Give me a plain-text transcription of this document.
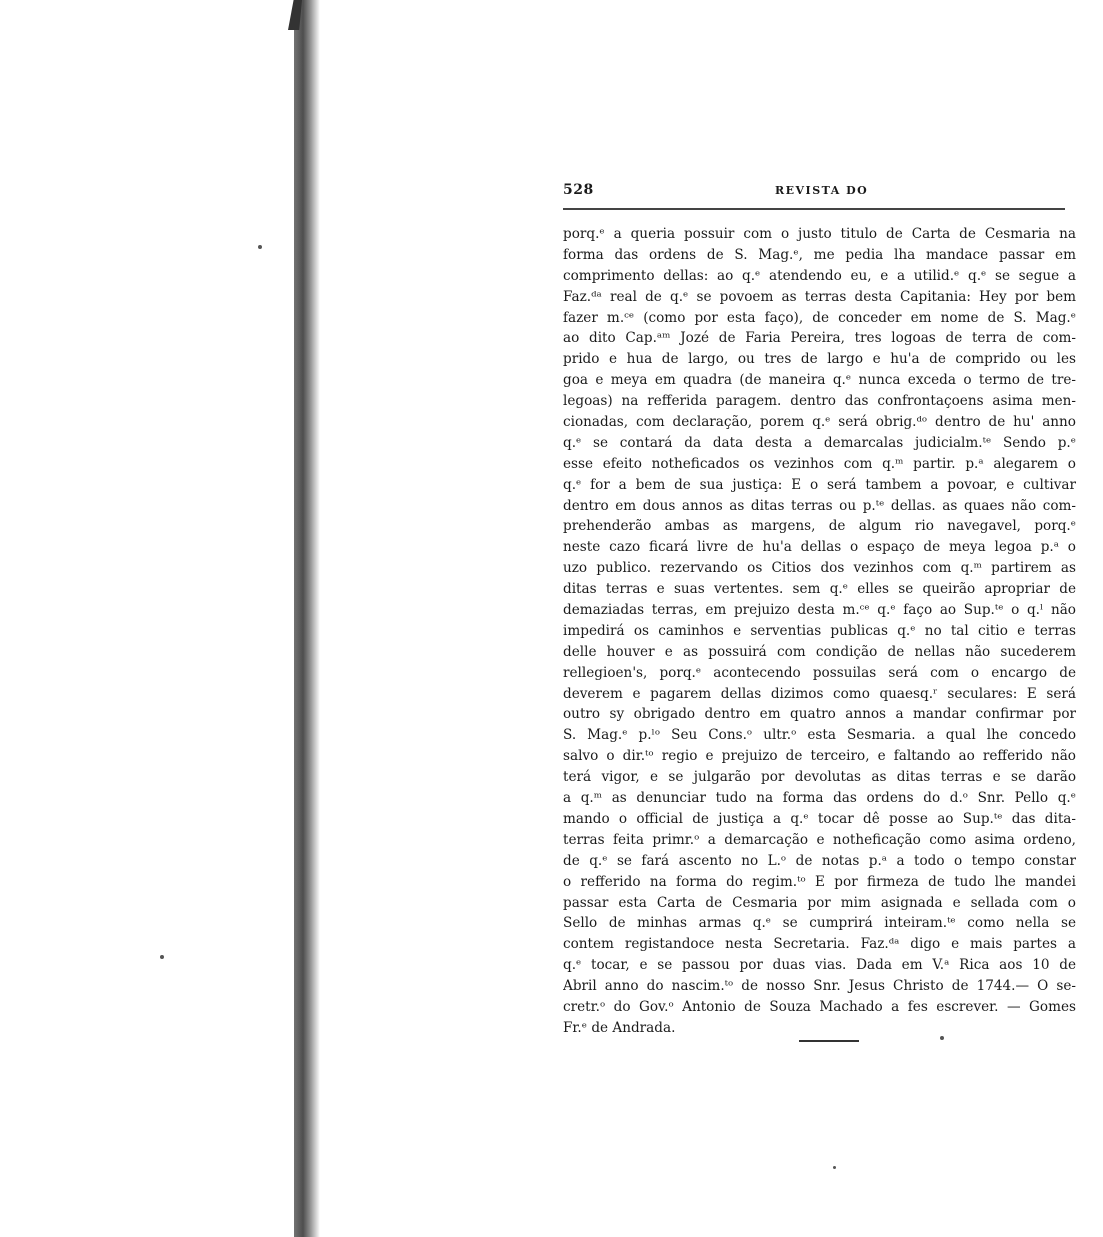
528	REVISTA DO
porq.ᵉ a queria possuir com o justo titulo de Carta de Cesmaria na
forma das ordens de S. Mag.ᵉ, me pedia lha mandace passar em
comprimento dellas: ao q.ᵉ atendendo eu, e a utilid.ᵉ q.ᵉ se segue a
Faz.ᵈᵃ real de q.ᵉ se povoem as terras desta Capitania: Hey por bem
fazer m.ᶜᵉ (como por esta faço), de conceder em nome de S. Mag.ᵉ
ao dito Cap.ᵃᵐ Jozé de Faria Pereira, tres logoas de terra de com-
prido e hua de largo, ou tres de largo e hu'a de comprido ou les
goa e meya em quadra (de maneira q.ᵉ nunca exceda o termo de tre-
legoas) na refferida paragem. dentro das confrontaçoens asima men-
cionadas, com declaração, porem q.ᵉ será obrig.ᵈᵒ dentro de hu' anno
q.ᵉ se contará da data desta a demarcalas judicialm.ᵗᵉ Sendo p.ᵉ
esse efeito notheficados os vezinhos com q.ᵐ partir. p.ᵃ alegarem o
q.ᵉ for a bem de sua justiça: E o será tambem a povoar, e cultivar
dentro em dous annos as ditas terras ou p.ᵗᵉ dellas. as quaes não com-
prehenderão ambas as margens, de algum rio navegavel, porq.ᵉ
neste cazo ficará livre de hu'a dellas o espaço de meya legoa p.ᵃ o
uzo publico. rezervando os Citios dos vezinhos com q.ᵐ partirem as
ditas terras e suas vertentes. sem q.ᵉ elles se queirão apropriar de
demaziadas terras, em prejuizo desta m.ᶜᵉ q.ᵉ faço ao Sup.ᵗᵉ o q.ˡ não
impedirá os caminhos e serventias publicas q.ᵉ no tal citio e terras
delle houver e as possuirá com condição de nellas não sucederem
rellegioen's, porq.ᵉ acontecendo possuilas será com o encargo de
deverem e pagarem dellas dizimos como quaesq.ʳ seculares: E será
outro sy obrigado dentro em quatro annos a mandar confirmar por
S. Mag.ᵉ p.ˡᵒ Seu Cons.ᵒ ultr.ᵒ esta Sesmaria. a qual lhe concedo
salvo o dir.ᵗᵒ regio e prejuizo de terceiro, e faltando ao refferido não
terá vigor, e se julgarão por devolutas as ditas terras e se darão
a q.ᵐ as denunciar tudo na forma das ordens do d.ᵒ Snr. Pello q.ᵉ
mando o official de justiça a q.ᵉ tocar dê posse ao Sup.ᵗᵉ das dita-
terras feita primr.ᵒ a demarcação e notheficação como asima ordeno,
de q.ᵉ se fará ascento no L.ᵒ de notas p.ᵃ a todo o tempo constar
o refferido na forma do regim.ᵗᵒ E por firmeza de tudo lhe mandei
passar esta Carta de Cesmaria por mim asignada e sellada com o
Sello de minhas armas q.ᵉ se cumprirá inteiram.ᵗᵉ como nella se
contem registandoce nesta Secretaria. Faz.ᵈᵃ digo e mais partes a
q.ᵉ tocar, e se passou por duas vias. Dada em V.ᵃ Rica aos 10 de
Abril anno do nascim.ᵗᵒ de nosso Snr. Jesus Christo de 1744.— O se-
cretr.ᵒ do Gov.ᵒ Antonio de Souza Machado a fes escrever. — Gomes
Fr.ᵉ de Andrada.
